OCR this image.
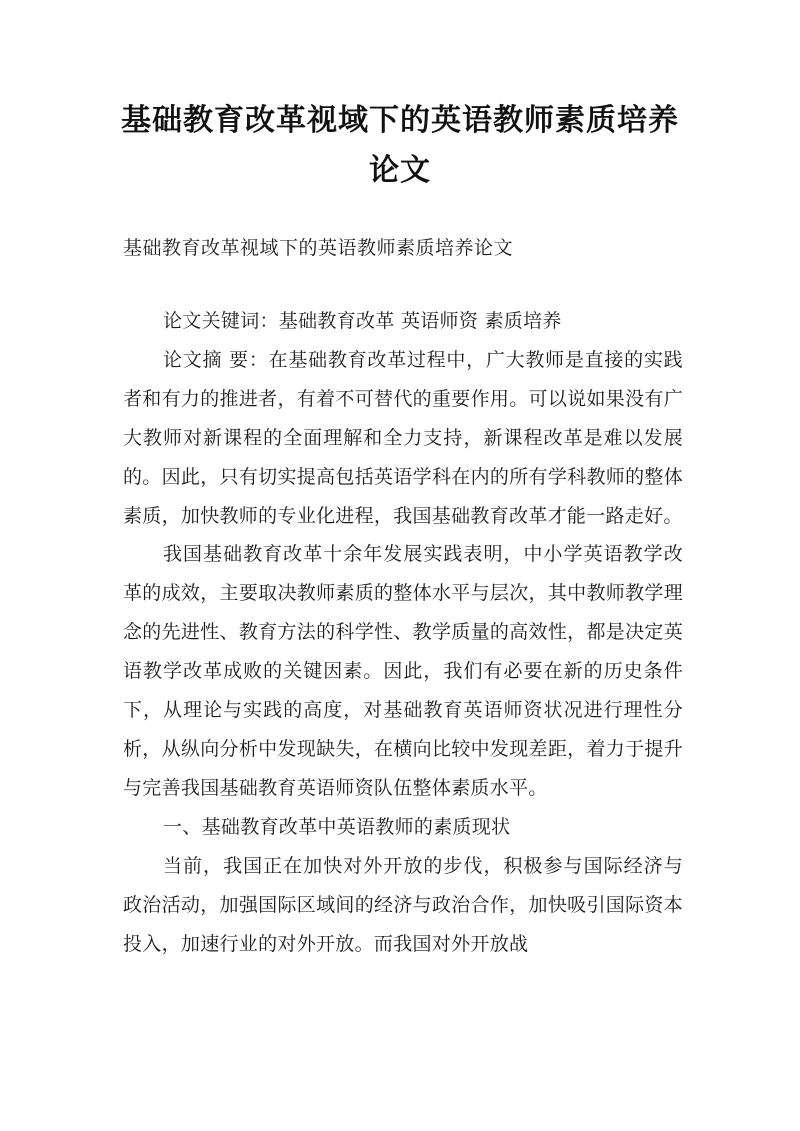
基础教育改革视域下的英语教师素质培养论文

基础教育改革视域下的英语教师素质培养论文

论文关键词：基础教育改革 英语师资 素质培养

论文摘 要：在基础教育改革过程中，广大教师是直接的实践者和有力的推进者，有着不可替代的重要作用。可以说如果没有广大教师对新课程的全面理解和全力支持，新课程改革是难以发展的。因此，只有切实提高包括英语学科在内的所有学科教师的整体素质，加快教师的专业化进程，我国基础教育改革才能一路走好。

我国基础教育改革十余年发展实践表明，中小学英语教学改革的成效，主要取决教师素质的整体水平与层次，其中教师教学理念的先进性、教育方法的科学性、教学质量的高效性，都是决定英语教学改革成败的关键因素。因此，我们有必要在新的历史条件下，从理论与实践的高度，对基础教育英语师资状况进行理性分析，从纵向分析中发现缺失，在横向比较中发现差距，着力于提升与完善我国基础教育英语师资队伍整体素质水平。

一、基础教育改革中英语教师的素质现状

当前，我国正在加快对外开放的步伐，积极参与国际经济与政治活动，加强国际区域间的经济与政治合作，加快吸引国际资本投入，加速行业的对外开放。而我国对外开放战
